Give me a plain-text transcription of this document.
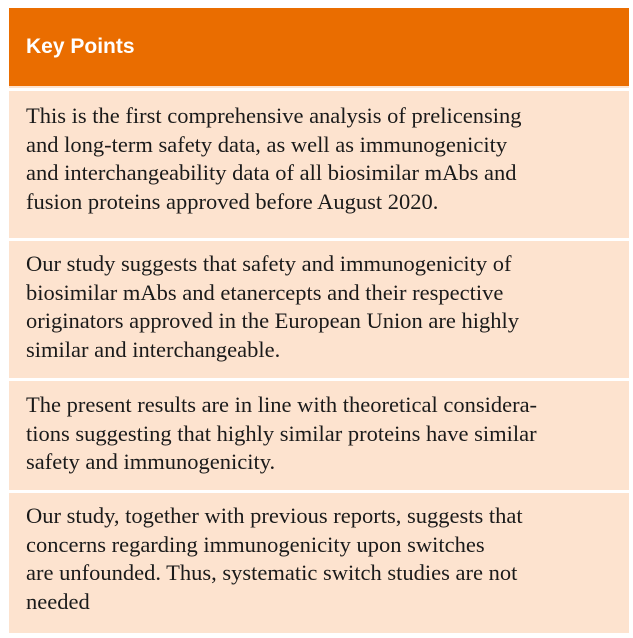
Key Points
This is the first comprehensive analysis of prelicensing
and long-term safety data, as well as immunogenicity
and interchangeability data of all biosimilar mAbs and
fusion proteins approved before August 2020.
Our study suggests that safety and immunogenicity of
biosimilar mAbs and etanercepts and their respective
originators approved in the European Union are highly
similar and interchangeable.
The present results are in line with theoretical considera-
tions suggesting that highly similar proteins have similar
safety and immunogenicity.
Our study, together with previous reports, suggests that
concerns regarding immunogenicity upon switches
are unfounded. Thus, systematic switch studies are not
needed
